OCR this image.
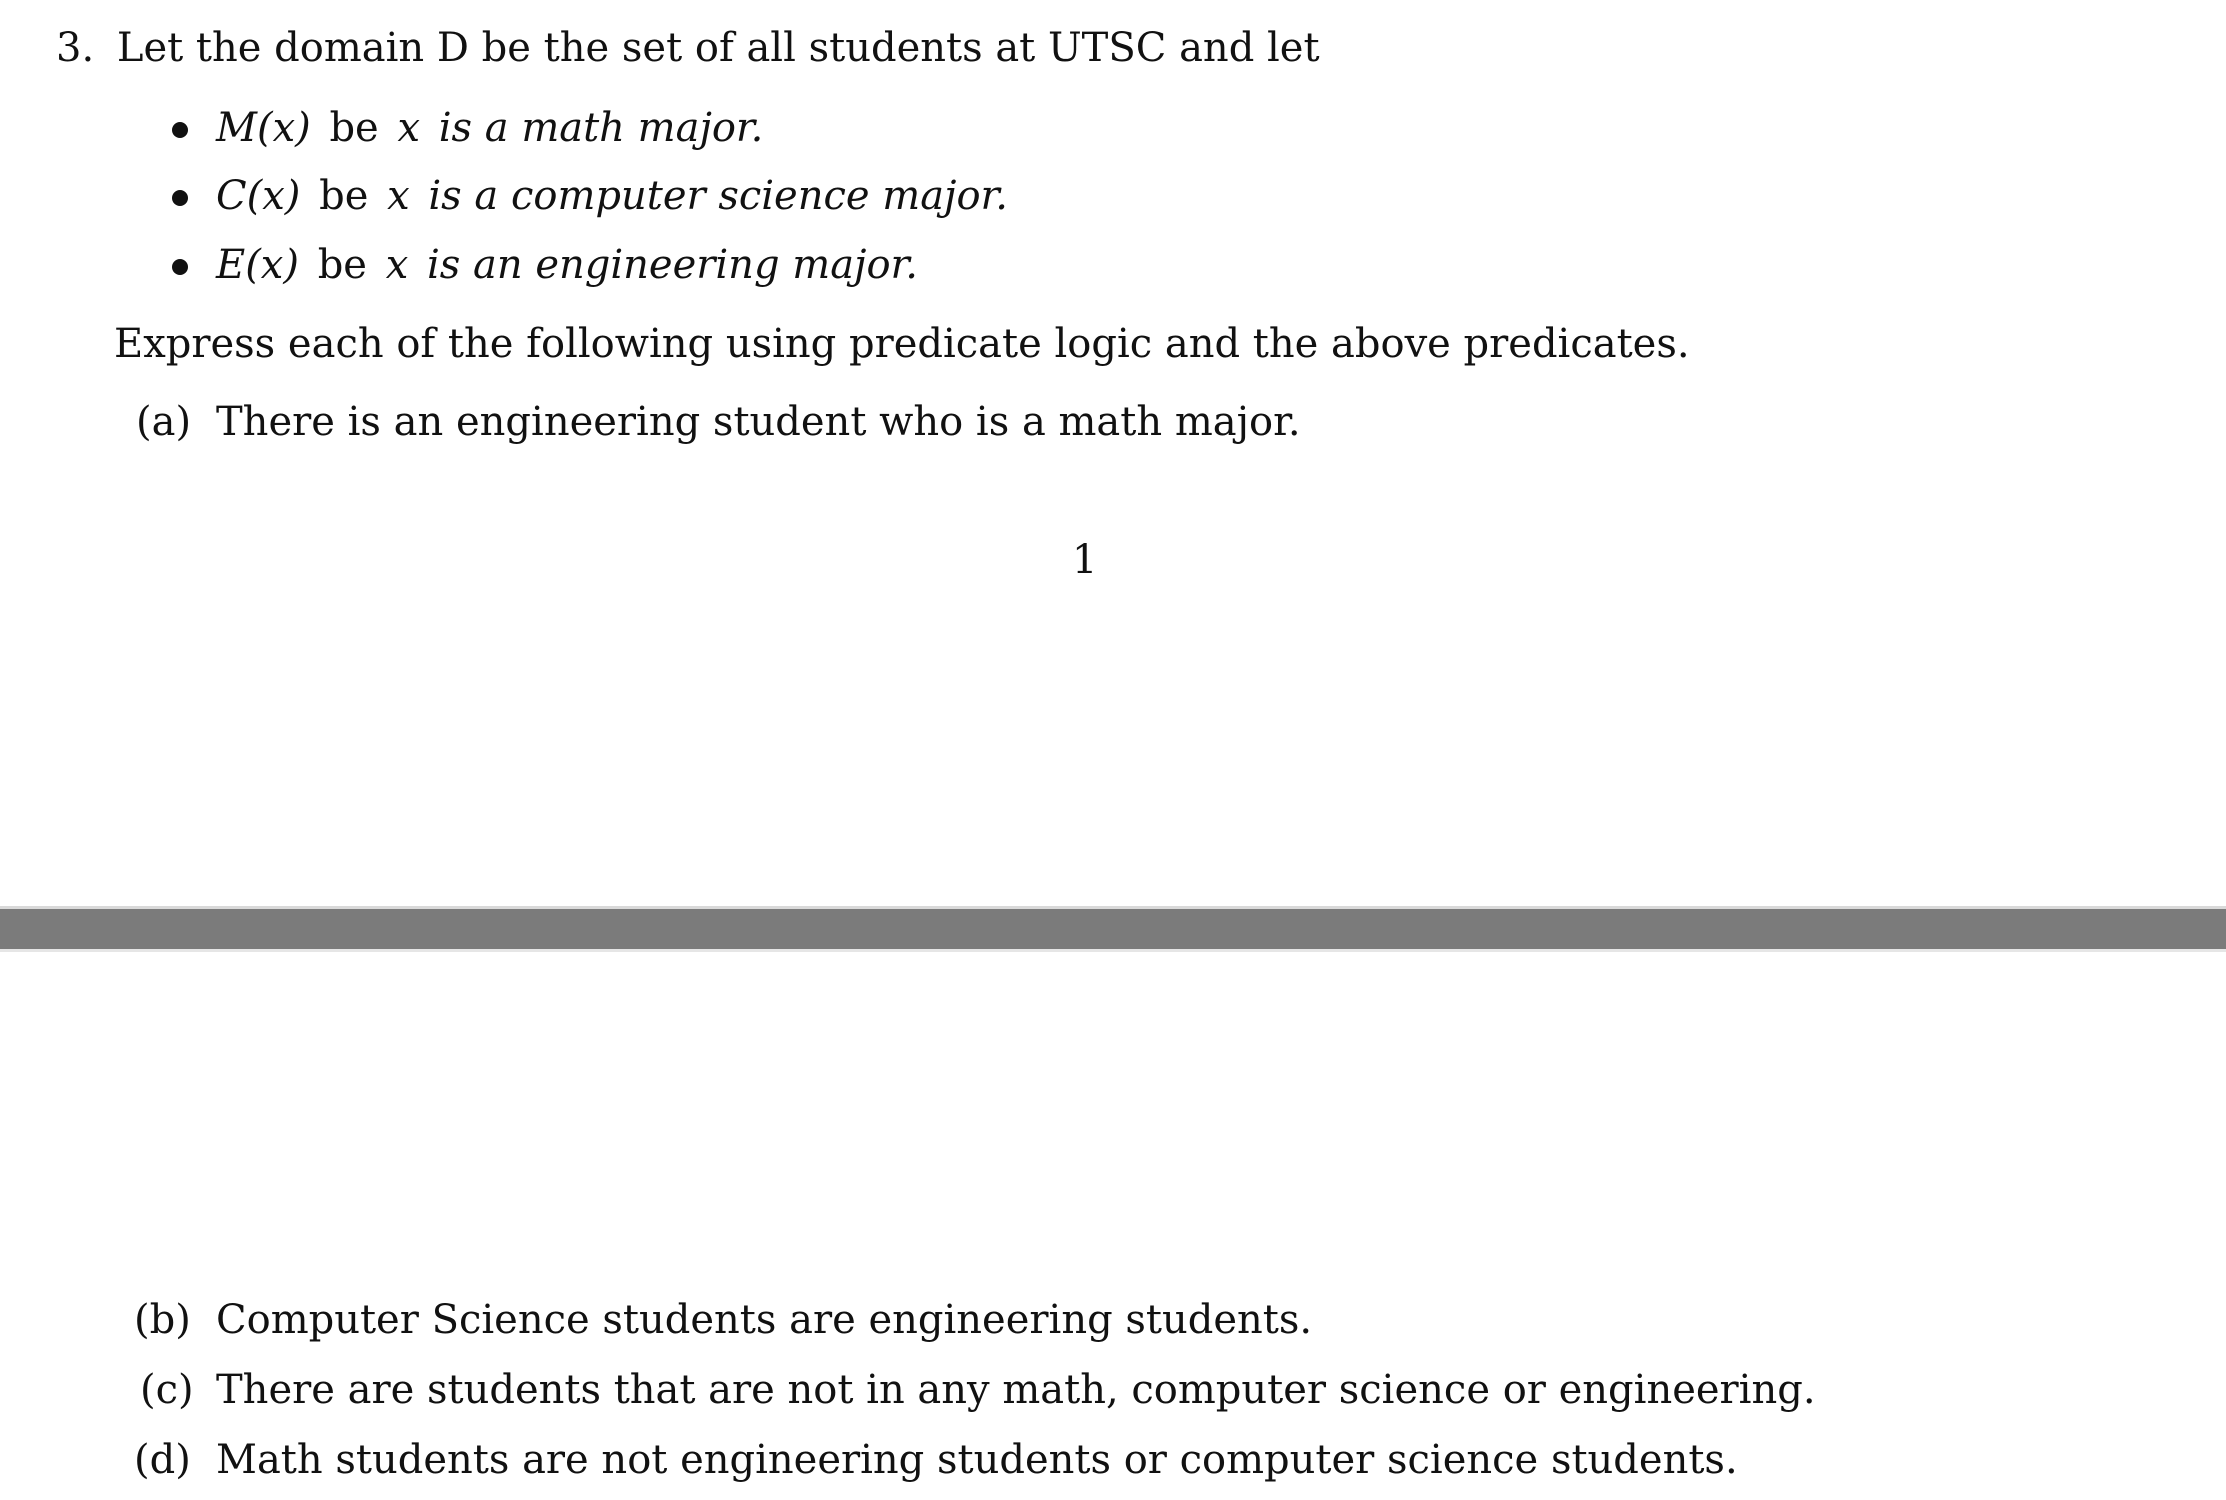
3. Let the domain D be the set of all students at UTSC and let
M(x) be x is a math major.
C(x) be x is a computer science major.
E(x) be x is an engineering major.
Express each of the following using predicate logic and the above predicates.
(a) There is an engineering student who is a math major.
1
(b) Computer Science students are engineering students.
(c) There are students that are not in any math, computer science or engineering.
(d) Math students are not engineering students or computer science students.
